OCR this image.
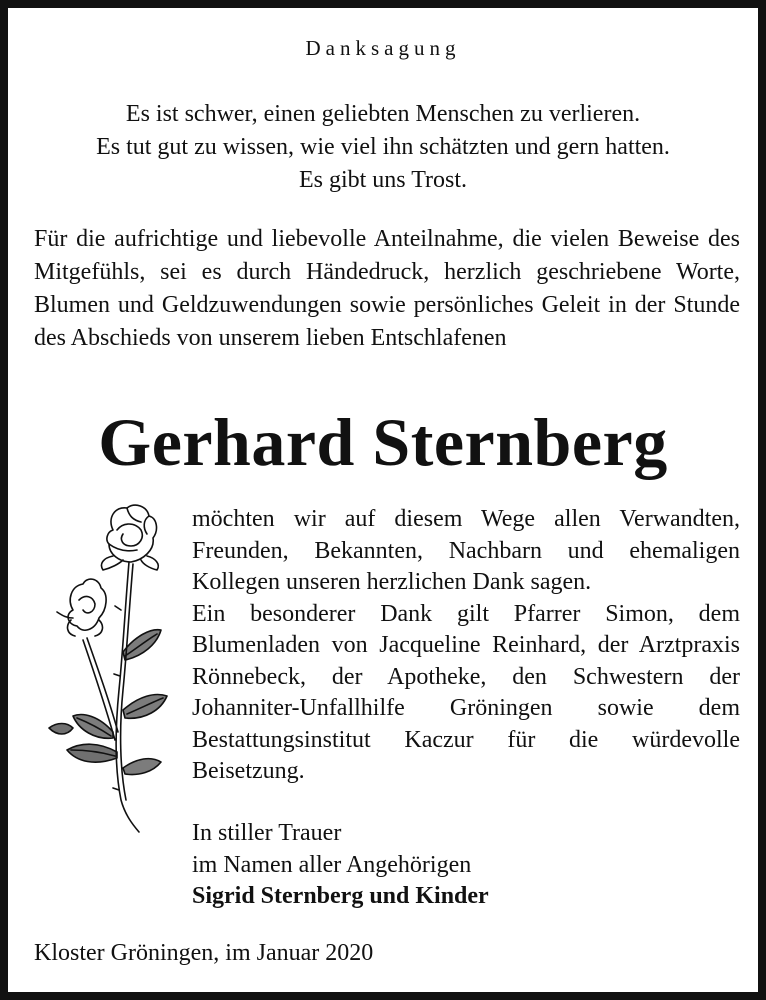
Danksagung
Es ist schwer, einen geliebten Menschen zu verlieren.
Es tut gut zu wissen, wie viel ihn schätzten und gern hatten.
Es gibt uns Trost.
Für die aufrichtige und liebevolle Anteilnahme, die vielen Beweise des Mitgefühls, sei es durch Händedruck, herzlich geschriebene Worte, Blumen und Geldzuwendungen sowie persönliches Geleit in der Stunde des Abschieds von unserem lieben Entschlafenen
Gerhard Sternberg

möchten wir auf diesem Wege allen Verwandten, Freunden, Bekannten, Nachbarn und ehemaligen Kollegen unseren herzlichen Dank sagen.

Ein besonderer Dank gilt Pfarrer Simon, dem Blumenladen von Jacqueline Reinhard, der Arztpraxis Rönnebeck, der Apotheke, den Schwestern der Johanniter-Unfallhilfe Gröningen sowie dem Bestattungsinstitut Kaczur für die würdevolle Beisetzung.

In stiller Trauer
im Namen aller Angehörigen
Sigrid Sternberg und Kinder
Kloster Gröningen, im Januar 2020
